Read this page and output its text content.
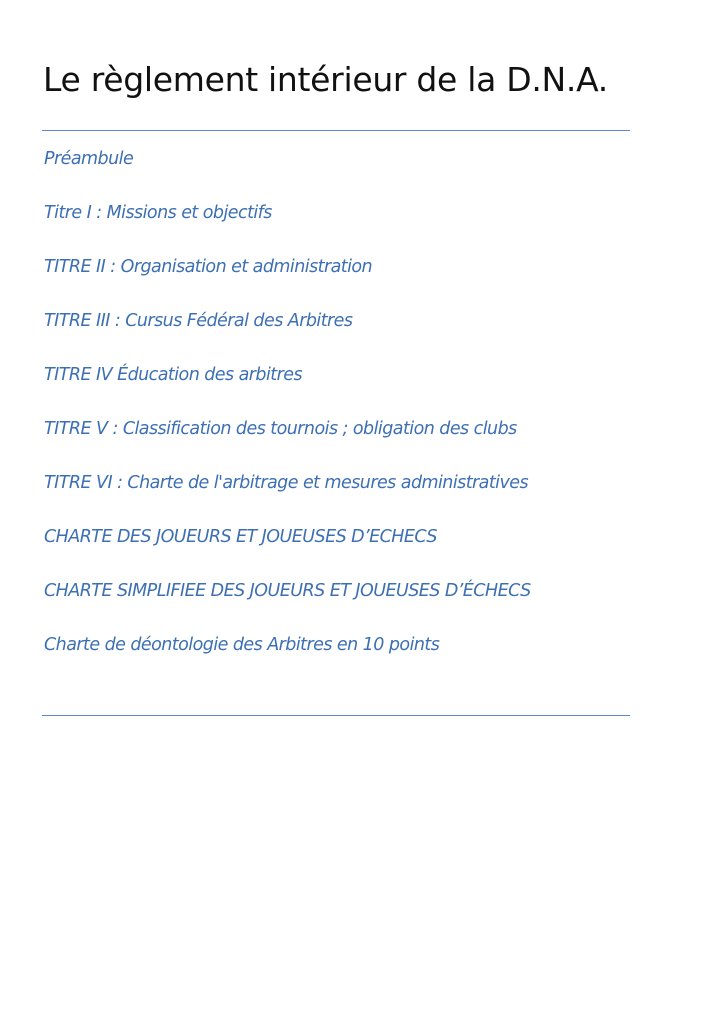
Le règlement intérieur de la D.N.A.
Préambule
Titre I : Missions et objectifs
TITRE II : Organisation et administration
TITRE III : Cursus Fédéral des Arbitres
TITRE IV Éducation des arbitres
TITRE V : Classification des tournois ; obligation des clubs
TITRE VI : Charte de l'arbitrage et mesures administratives
CHARTE DES JOUEURS ET JOUEUSES D’ECHECS
CHARTE SIMPLIFIEE DES JOUEURS ET JOUEUSES D’ÉCHECS
Charte de déontologie des Arbitres en 10 points
